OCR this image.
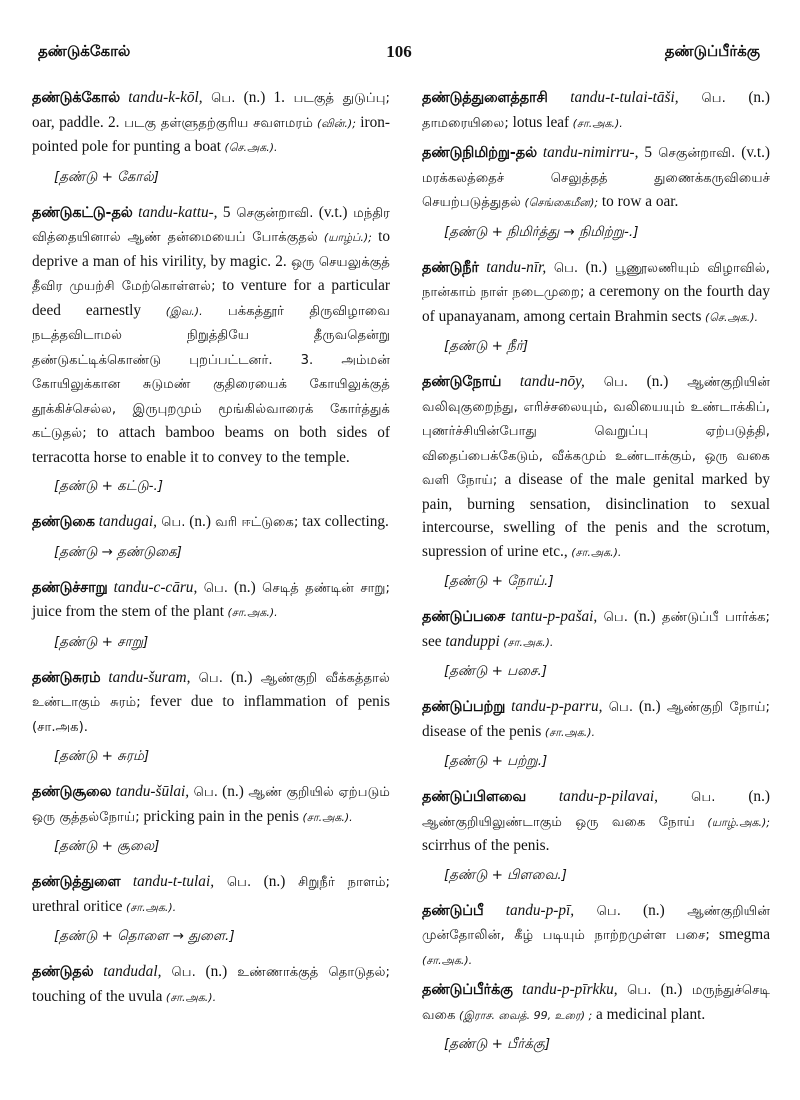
தண்டுக்கோல்	106	தண்டுப்பீர்க்கு
தண்டுக்கோல் tandu-k-kōl, பெ. (n.) 1. படகுத் துடுப்பு; oar, paddle. 2. படகு தள்ளுதற்குரிய சவளமரம் (வின்.); iron-pointed pole for punting a boat (செ.அக.).
[தண்டு + கோல்]
தண்டுகட்டு-தல் tandu-kattu-, 5 செகுன்றாவி. (v.t.) மந்திர வித்தையினால் ஆண் தன்மையைப் போக்குதல் (யாழ்ப்.); to deprive a man of his virility, by magic. 2. ஒரு செயலுக்குத் தீவிர முயற்சி மேற்கொள்ளல்; to venture for a particular deed earnestly (இவ.). பக்கத்தூர் திருவிழாவை நடத்தவிடாமல் நிறுத்தியே தீருவதென்று தண்டுகட்டிக்கொண்டு புறப்பட்டனர். 3. அம்மன் கோயிலுக்கான சுடுமண் குதிரையைக் கோயிலுக்குத் தூக்கிச்செல்ல, இருபுறமும் மூங்கில்வாரைக் கோர்த்துக் கட்டுதல்; to attach bamboo beams on both sides of terracotta horse to enable it to convey to the temple.
[தண்டு + கட்டு-.]
தண்டுகை tandugai, பெ. (n.) வரி ஈட்டுகை; tax collecting.
[தண்டு → தண்டுகை]
தண்டுச்சாறு tandu-c-cāru, பெ. (n.) செடித் தண்டின் சாறு; juice from the stem of the plant (சா.அக.).
[தண்டு + சாறு]
தண்டுசுரம் tandu-šuram, பெ. (n.) ஆண்குறி வீக்கத்தால் உண்டாகும் சுரம்; fever due to inflammation of penis (சா.அக).
[தண்டு + சுரம்]
தண்டுசூலை tandu-šūlai, பெ. (n.) ஆண் குறியில் ஏற்படும் ஒரு குத்தல்நோய்; pricking pain in the penis (சா.அக.).
[தண்டு + சூலை]
தண்டுத்துளை tandu-t-tulai, பெ. (n.) சிறுநீர் நாளம்; urethral oritice (சா.அக.).
[தண்டு + தொளை → துளை.]
தண்டுதல் tandudal, பெ. (n.) உண்ணாக்குத் தொடுதல்; touching of the uvula (சா.அக.).
தண்டுத்துளைத்தாசி tandu-t-tulai-tāši, பெ. (n.) தாமரையிலை; lotus leaf (சா.அக.).
தண்டுநிமிற்று-தல் tandu-nimirru-, 5 செகுன்றாவி. (v.t.) மரக்கலத்தைச் செலுத்தத் துணைக்கருவியைச் செயற்படுத்துதல் (செங்கைமீன); to row a oar.
[தண்டு + நிமிர்த்து → நிமிற்று-.]
தண்டுநீர் tandu-nīr, பெ. (n.) பூணூலணியும் விழாவில், நான்காம் நாள் நடைமுறை; a ceremony on the fourth day of upanayanam, among certain Brahmin sects (செ.அக.).
[தண்டு + நீர்]
தண்டுநோய் tandu-nōy, பெ. (n.) ஆண்குறியின் வலிவுகுறைந்து, எரிச்சலையும், வலியையும் உண்டாக்கிப், புணர்ச்சியின்போது வெறுப்பு ஏற்படுத்தி, விதைப்பைக்கேடும், வீக்கமும் உண்டாக்கும், ஒரு வகை வளி நோய்; a disease of the male genital marked by pain, burning sensation, disinclination to sexual intercourse, swelling of the penis and the scrotum, supression of urine etc., (சா.அக.).
[தண்டு + நோய்.]
தண்டுப்பசை tantu-p-pašai, பெ. (n.) தண்டுப்பீ பார்க்க; see tanduppi (சா.அக.).
[தண்டு + பசை.]
தண்டுப்பற்று tandu-p-parru, பெ. (n.) ஆண்குறி நோய்; disease of the penis (சா.அக.).
[தண்டு + பற்று.]
தண்டுப்பிளவை tandu-p-pilavai, பெ. (n.) ஆண்குறியிலுண்டாகும் ஒரு வகை நோய் (யாழ்.அக.); scirrhus of the penis.
[தண்டு + பிளவை.]
தண்டுப்பீ tandu-p-pī, பெ. (n.) ஆண்குறியின் முன்தோலின், கீழ் படியும் நாற்றமுள்ள பசை; smegma (சா.அக.).
தண்டுப்பீர்க்கு tandu-p-pīrkku, பெ. (n.) மருந்துச்செடி வகை (இராச. வைத். 99, உரை) ; a medicinal plant.
[தண்டு + பீர்க்கு]
